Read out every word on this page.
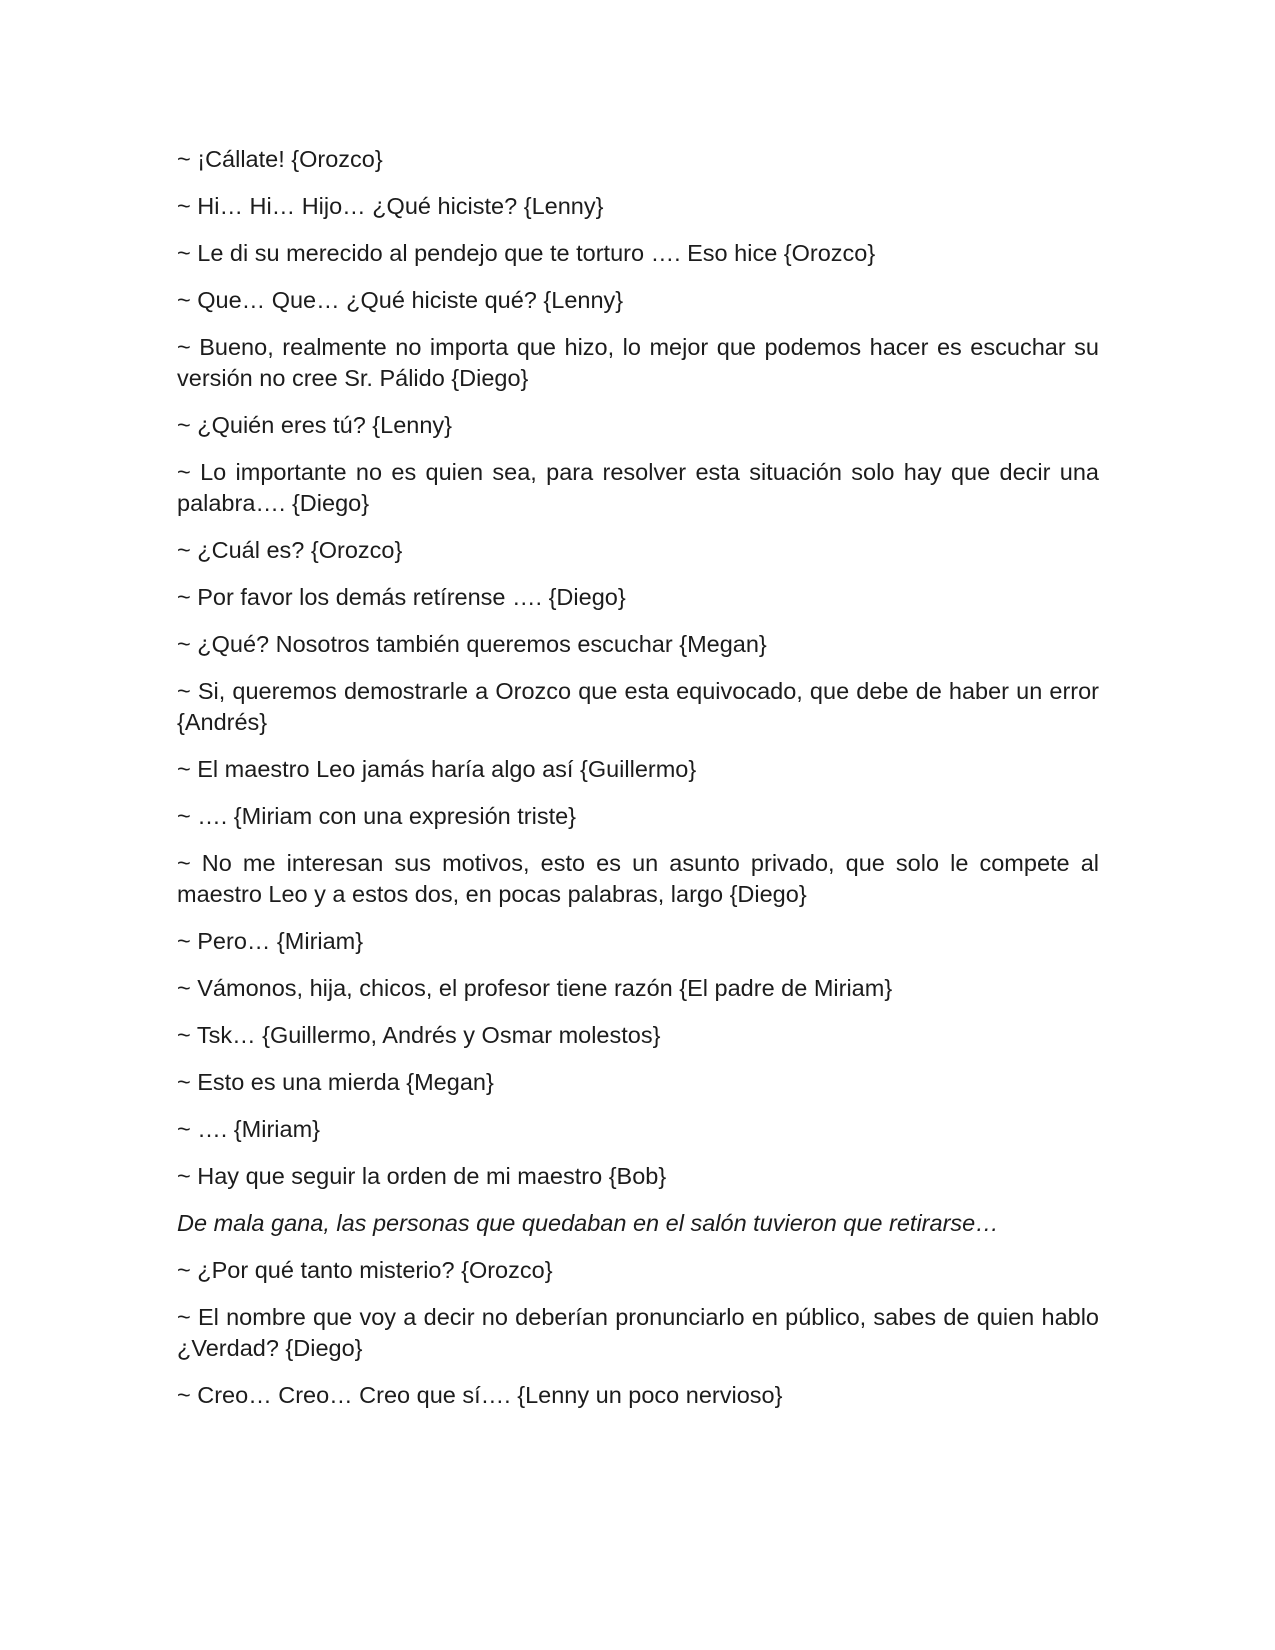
~ ¡Cállate! {Orozco}

~ Hi… Hi… Hijo… ¿Qué hiciste? {Lenny}

~ Le di su merecido al pendejo que te torturo …. Eso hice {Orozco}

~ Que… Que… ¿Qué hiciste qué? {Lenny}

~ Bueno, realmente no importa que hizo, lo mejor que podemos hacer es escuchar su versión no cree Sr. Pálido {Diego}

~ ¿Quién eres tú? {Lenny}

~ Lo importante no es quien sea, para resolver esta situación solo hay que decir una palabra…. {Diego}

~ ¿Cuál es? {Orozco}

~ Por favor los demás retírense …. {Diego}

~ ¿Qué? Nosotros también queremos escuchar {Megan}

~ Si, queremos demostrarle a Orozco que esta equivocado, que debe de haber un error {Andrés}

~ El maestro Leo jamás haría algo así {Guillermo}

~ …. {Miriam con una expresión triste}

~ No me interesan sus motivos, esto es un asunto privado, que solo le compete al maestro Leo y a estos dos, en pocas palabras, largo {Diego}

~ Pero… {Miriam}

~ Vámonos, hija, chicos, el profesor tiene razón {El padre de Miriam}

~ Tsk… {Guillermo, Andrés y Osmar molestos}

~ Esto es una mierda {Megan}

~ …. {Miriam}

~ Hay que seguir la orden de mi maestro {Bob}

De mala gana, las personas que quedaban en el salón tuvieron que retirarse…

~ ¿Por qué tanto misterio? {Orozco}

~ El nombre que voy a decir no deberían pronunciarlo en público, sabes de quien hablo ¿Verdad? {Diego}

~ Creo… Creo… Creo que sí…. {Lenny un poco nervioso}
